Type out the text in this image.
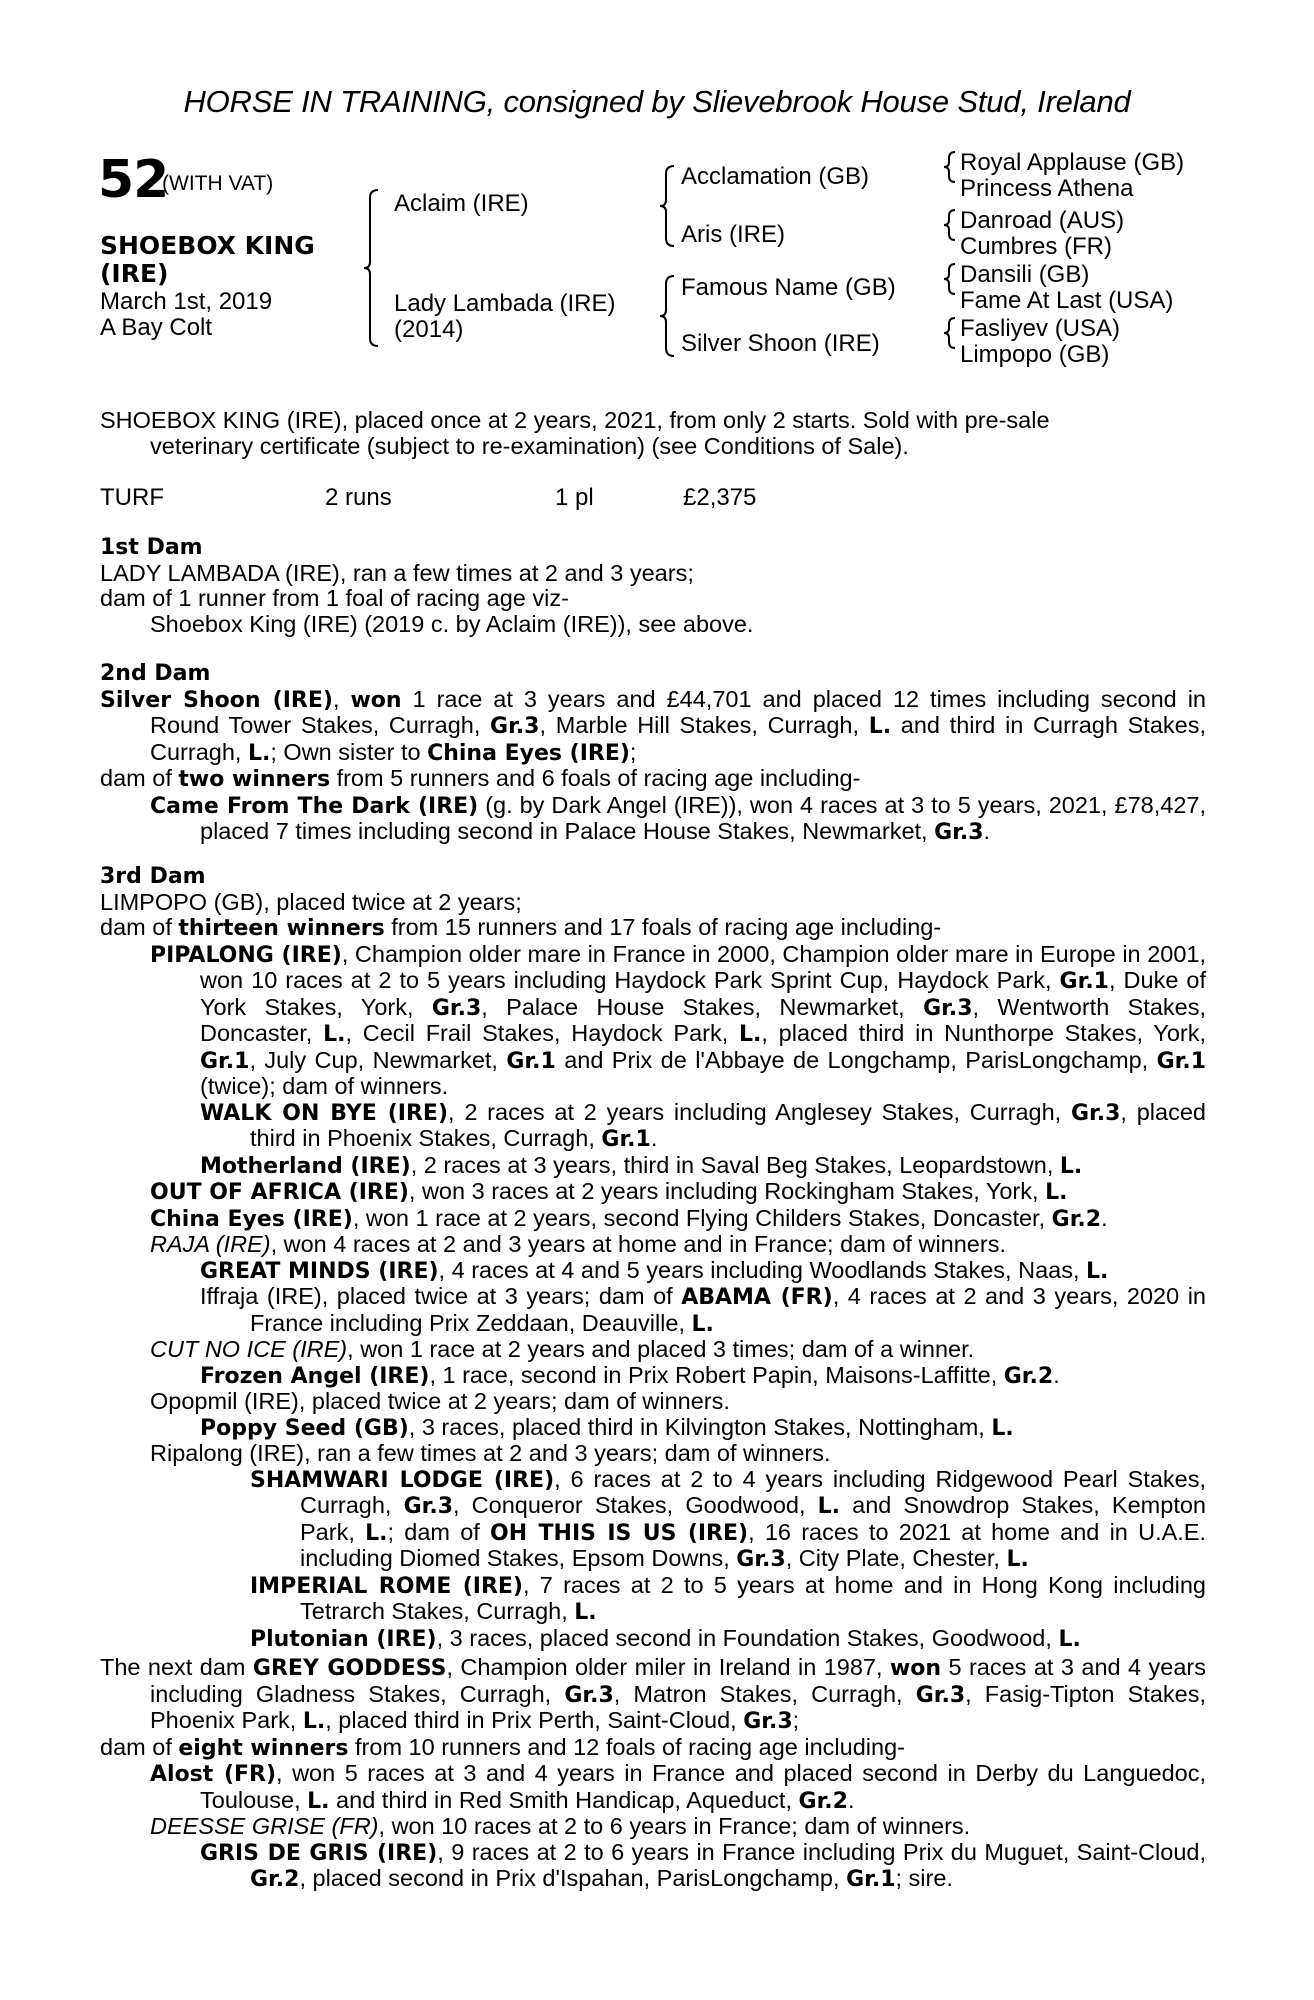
HORSE IN TRAINING, consigned by Slievebrook House Stud, Ireland
52
(WITH VAT)
SHOEBOX KING
(IRE)
March 1st, 2019
A Bay Colt
Aclaim (IRE)
Lady Lambada (IRE)
(2014)
Acclamation (GB)
Aris (IRE)
Famous Name (GB)
Silver Shoon (IRE)
Royal Applause (GB)
Princess Athena
Danroad (AUS)
Cumbres (FR)
Dansili (GB)
Fame At Last (USA)
Fasliyev (USA)
Limpopo (GB)

SHOEBOX KING (IRE), placed once at 2 years, 2021, from only 2 starts. Sold with pre-sale

veterinary certificate (subject to re-examination) (see Conditions of Sale).

TURF	2 runs	1 pl	£2,375

1st Dam

LADY LAMBADA (IRE), ran a few times at 2 and 3 years;

dam of 1 runner from 1 foal of racing age viz-

Shoebox King (IRE) (2019 c. by Aclaim (IRE)), see above.

2nd Dam

Silver Shoon (IRE), won 1 race at 3 years and £44,701 and placed 12 times including second in Round Tower Stakes, Curragh, Gr.3, Marble Hill Stakes, Curragh, L. and third in Curragh Stakes, Curragh, L.; Own sister to China Eyes (IRE);

dam of two winners from 5 runners and 6 foals of racing age including-

Came From The Dark (IRE) (g. by Dark Angel (IRE)), won 4 races at 3 to 5 years, 2021, £78,427, placed 7 times including second in Palace House Stakes, Newmarket, Gr.3.

3rd Dam

LIMPOPO (GB), placed twice at 2 years;

dam of thirteen winners from 15 runners and 17 foals of racing age including-

PIPALONG (IRE), Champion older mare in France in 2000, Champion older mare in Europe in 2001, won 10 races at 2 to 5 years including Haydock Park Sprint Cup, Haydock Park, Gr.1, Duke of York Stakes, York, Gr.3, Palace House Stakes, Newmarket, Gr.3, Wentworth Stakes, Doncaster, L., Cecil Frail Stakes, Haydock Park, L., placed third in Nunthorpe Stakes, York, Gr.1, July Cup, Newmarket, Gr.1 and Prix de l'Abbaye de Longchamp, ParisLongchamp, Gr.1 (twice); dam of winners.

WALK ON BYE (IRE), 2 races at 2 years including Anglesey Stakes, Curragh, Gr.3, placed third in Phoenix Stakes, Curragh, Gr.1.

Motherland (IRE), 2 races at 3 years, third in Saval Beg Stakes, Leopardstown, L.

OUT OF AFRICA (IRE), won 3 races at 2 years including Rockingham Stakes, York, L.

China Eyes (IRE), won 1 race at 2 years, second Flying Childers Stakes, Doncaster, Gr.2.

RAJA (IRE), won 4 races at 2 and 3 years at home and in France; dam of winners.

GREAT MINDS (IRE), 4 races at 4 and 5 years including Woodlands Stakes, Naas, L.

Iffraja (IRE), placed twice at 3 years; dam of ABAMA (FR), 4 races at 2 and 3 years, 2020 in France including Prix Zeddaan, Deauville, L.

CUT NO ICE (IRE), won 1 race at 2 years and placed 3 times; dam of a winner.

Frozen Angel (IRE), 1 race, second in Prix Robert Papin, Maisons-Laffitte, Gr.2.

Opopmil (IRE), placed twice at 2 years; dam of winners.

Poppy Seed (GB), 3 races, placed third in Kilvington Stakes, Nottingham, L.

Ripalong (IRE), ran a few times at 2 and 3 years; dam of winners.

SHAMWARI LODGE (IRE), 6 races at 2 to 4 years including Ridgewood Pearl Stakes, Curragh, Gr.3, Conqueror Stakes, Goodwood, L. and Snowdrop Stakes, Kempton Park, L.; dam of OH THIS IS US (IRE), 16 races to 2021 at home and in U.A.E. including Diomed Stakes, Epsom Downs, Gr.3, City Plate, Chester, L.

IMPERIAL ROME (IRE), 7 races at 2 to 5 years at home and in Hong Kong including Tetrarch Stakes, Curragh, L.

Plutonian (IRE), 3 races, placed second in Foundation Stakes, Goodwood, L.

The next dam GREY GODDESS, Champion older miler in Ireland in 1987, won 5 races at 3 and 4 years including Gladness Stakes, Curragh, Gr.3, Matron Stakes, Curragh, Gr.3, Fasig-Tipton Stakes, Phoenix Park, L., placed third in Prix Perth, Saint-Cloud, Gr.3;

dam of eight winners from 10 runners and 12 foals of racing age including-

Alost (FR), won 5 races at 3 and 4 years in France and placed second in Derby du Languedoc, Toulouse, L. and third in Red Smith Handicap, Aqueduct, Gr.2.

DEESSE GRISE (FR), won 10 races at 2 to 6 years in France; dam of winners.

GRIS DE GRIS (IRE), 9 races at 2 to 6 years in France including Prix du Muguet, Saint-Cloud, Gr.2, placed second in Prix d'Ispahan, ParisLongchamp, Gr.1; sire.
